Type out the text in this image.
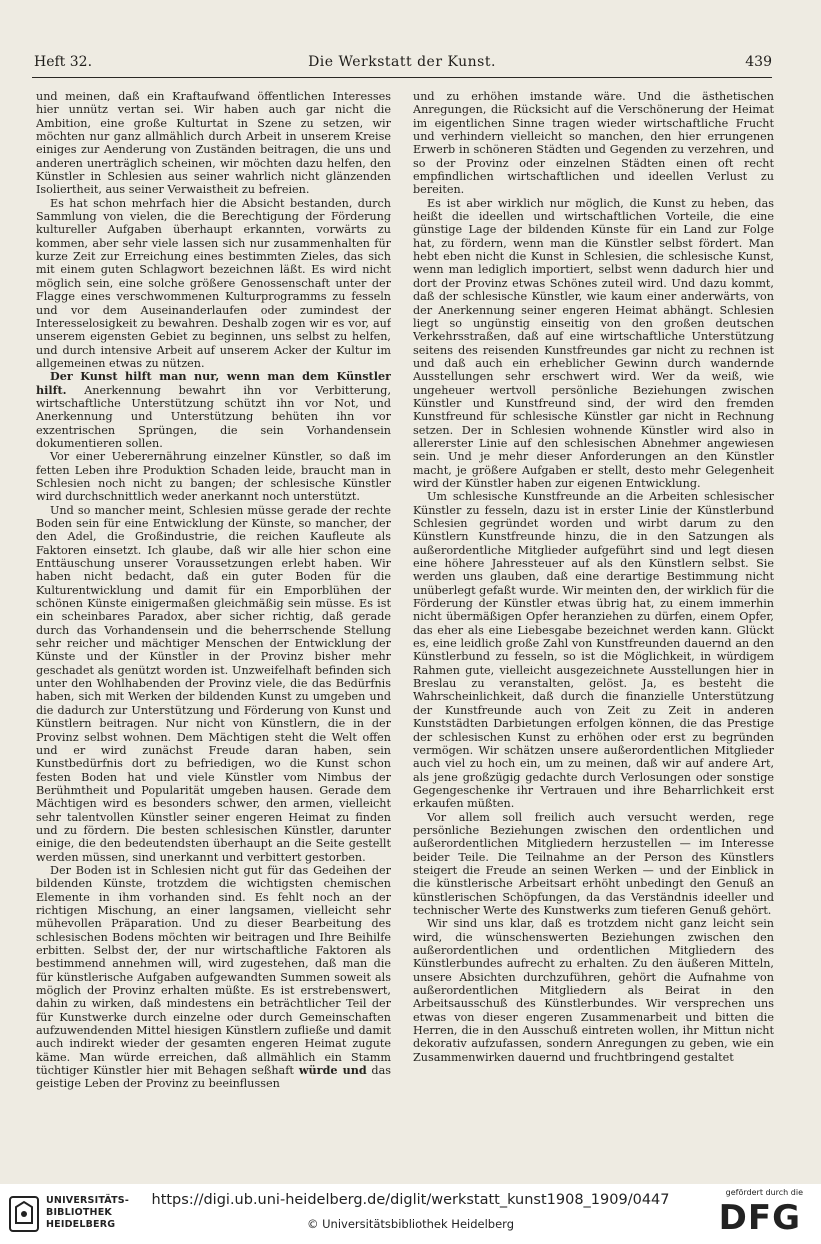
Heft 32.	Die Werkstatt der Kunst.	439

und meinen, daß ein Kraftaufwand öffentlichen Interesses hier unnütz vertan sei. Wir haben auch gar nicht die Ambition, eine große Kulturtat in Szene zu setzen, wir möchten nur ganz allmählich durch Arbeit in unserem Kreise einiges zur Aenderung von Zuständen beitragen, die uns und anderen unerträglich scheinen, wir möchten dazu helfen, den Künstler in Schlesien aus seiner wahrlich nicht glänzenden Isoliertheit, aus seiner Verwaistheit zu befreien.

Es hat schon mehrfach hier die Absicht bestanden, durch Sammlung von vielen, die die Berechtigung der Förderung kultureller Aufgaben überhaupt erkannten, vorwärts zu kommen, aber sehr viele lassen sich nur zusammenhalten für kurze Zeit zur Erreichung eines bestimmten Zieles, das sich mit einem guten Schlagwort bezeichnen läßt. Es wird nicht möglich sein, eine solche größere Genossenschaft unter der Flagge eines verschwommenen Kulturprogramms zu fesseln und vor dem Auseinanderlaufen oder zumindest der Interesselosigkeit zu bewahren. Deshalb zogen wir es vor, auf unserem eigensten Gebiet zu beginnen, uns selbst zu helfen, und durch intensive Arbeit auf unserem Acker der Kultur im allgemeinen etwas zu nützen.

Der Kunst hilft man nur, wenn man dem Künstler hilft. Anerkennung bewahrt ihn vor Verbitterung, wirtschaftliche Unterstützung schützt ihn vor Not, und Anerkennung und Unterstützung behüten ihn vor exzentrischen Sprüngen, die sein Vorhandensein dokumentieren sollen.

Vor einer Ueberernährung einzelner Künstler, so daß im fetten Leben ihre Produktion Schaden leide, braucht man in Schlesien noch nicht zu bangen; der schlesische Künstler wird durchschnittlich weder anerkannt noch unterstützt.

Und so mancher meint, Schlesien müsse gerade der rechte Boden sein für eine Entwicklung der Künste, so mancher, der den Adel, die Großindustrie, die reichen Kaufleute als Faktoren einsetzt. Ich glaube, daß wir alle hier schon eine Enttäuschung unserer Voraussetzungen erlebt haben. Wir haben nicht bedacht, daß ein guter Boden für die Kulturentwicklung und damit für ein Emporblühen der schönen Künste einigermaßen gleichmäßig sein müsse. Es ist ein scheinbares Paradox, aber sicher richtig, daß gerade durch das Vorhandensein und die beherrschende Stellung sehr reicher und mächtiger Menschen der Entwicklung der Künste und der Künstler in der Provinz bisher mehr geschadet als genützt worden ist. Unzweifelhaft befinden sich unter den Wohlhabenden der Provinz viele, die das Bedürfnis haben, sich mit Werken der bildenden Kunst zu umgeben und die dadurch zur Unterstützung und Förderung von Kunst und Künstlern beitragen. Nur nicht von Künstlern, die in der Provinz selbst wohnen. Dem Mächtigen steht die Welt offen und er wird zunächst Freude daran haben, sein Kunstbedürfnis dort zu befriedigen, wo die Kunst schon festen Boden hat und viele Künstler vom Nimbus der Berühmtheit und Popularität umgeben hausen. Gerade dem Mächtigen wird es besonders schwer, den armen, vielleicht sehr talentvollen Künstler seiner engeren Heimat zu finden und zu fördern. Die besten schlesischen Künstler, darunter einige, die den bedeutendsten überhaupt an die Seite gestellt werden müssen, sind unerkannt und verbittert gestorben.

Der Boden ist in Schlesien nicht gut für das Gedeihen der bildenden Künste, trotzdem die wichtigsten chemischen Elemente in ihm vorhanden sind. Es fehlt noch an der richtigen Mischung, an einer langsamen, vielleicht sehr mühevollen Präparation. Und zu dieser Bearbeitung des schlesischen Bodens möchten wir beitragen und Ihre Beihilfe erbitten. Selbst der, der nur wirtschaftliche Faktoren als bestimmend annehmen will, wird zugestehen, daß man die für künstlerische Aufgaben aufgewandten Summen soweit als möglich der Provinz erhalten müßte. Es ist erstrebenswert, dahin zu wirken, daß mindestens ein beträchtlicher Teil der für Kunstwerke durch einzelne oder durch Gemeinschaften aufzuwendenden Mittel hiesigen Künstlern zufließe und damit auch indirekt wieder der gesamten engeren Heimat zugute käme. Man würde erreichen, daß allmählich ein Stamm tüchtiger Künstler hier mit Behagen seßhaft würde und das geistige Leben der Provinz zu beeinflussen

und zu erhöhen imstande wäre. Und die ästhetischen Anregungen, die Rücksicht auf die Verschönerung der Heimat im eigentlichen Sinne tragen wieder wirtschaftliche Frucht und verhindern vielleicht so manchen, den hier errungenen Erwerb in schöneren Städten und Gegenden zu verzehren, und so der Provinz oder einzelnen Städten einen oft recht empfindlichen wirtschaftlichen und ideellen Verlust zu bereiten.

Es ist aber wirklich nur möglich, die Kunst zu heben, das heißt die ideellen und wirtschaftlichen Vorteile, die eine günstige Lage der bildenden Künste für ein Land zur Folge hat, zu fördern, wenn man die Künstler selbst fördert. Man hebt eben nicht die Kunst in Schlesien, die schlesische Kunst, wenn man lediglich importiert, selbst wenn dadurch hier und dort der Provinz etwas Schönes zuteil wird. Und dazu kommt, daß der schlesische Künstler, wie kaum einer anderwärts, von der Anerkennung seiner engeren Heimat abhängt. Schlesien liegt so ungünstig einseitig von den großen deutschen Verkehrsstraßen, daß auf eine wirtschaftliche Unterstützung seitens des reisenden Kunstfreundes gar nicht zu rechnen ist und daß auch ein erheblicher Gewinn durch wandernde Ausstellungen sehr erschwert wird. Wer da weiß, wie ungeheuer wertvoll persönliche Beziehungen zwischen Künstler und Kunstfreund sind, der wird den fremden Kunstfreund für schlesische Künstler gar nicht in Rechnung setzen. Der in Schlesien wohnende Künstler wird also in allererster Linie auf den schlesischen Abnehmer angewiesen sein. Und je mehr dieser Anforderungen an den Künstler macht, je größere Aufgaben er stellt, desto mehr Gelegenheit wird der Künstler haben zur eigenen Entwicklung.

Um schlesische Kunstfreunde an die Arbeiten schlesischer Künstler zu fesseln, dazu ist in erster Linie der Künstlerbund Schlesien gegründet worden und wirbt darum zu den Künstlern Kunstfreunde hinzu, die in den Satzungen als außerordentliche Mitglieder aufgeführt sind und legt diesen eine höhere Jahressteuer auf als den Künstlern selbst. Sie werden uns glauben, daß eine derartige Bestimmung nicht unüberlegt gefaßt wurde. Wir meinten den, der wirklich für die Förderung der Künstler etwas übrig hat, zu einem immerhin nicht übermäßigen Opfer heranziehen zu dürfen, einem Opfer, das eher als eine Liebesgabe bezeichnet werden kann. Glückt es, eine leidlich große Zahl von Kunstfreunden dauernd an den Künstlerbund zu fesseln, so ist die Möglichkeit, in würdigem Rahmen gute, vielleicht ausgezeichnete Ausstellungen hier in Breslau zu veranstalten, gelöst. Ja, es besteht die Wahrscheinlichkeit, daß durch die finanzielle Unterstützung der Kunstfreunde auch von Zeit zu Zeit in anderen Kunststädten Darbietungen erfolgen können, die das Prestige der schlesischen Kunst zu erhöhen oder erst zu begründen vermögen. Wir schätzen unsere außerordentlichen Mitglieder auch viel zu hoch ein, um zu meinen, daß wir auf andere Art, als jene großzügig gedachte durch Verlosungen oder sonstige Gegengeschenke ihr Vertrauen und ihre Beharrlichkeit erst erkaufen müßten.

Vor allem soll freilich auch versucht werden, rege persönliche Beziehungen zwischen den ordentlichen und außerordentlichen Mitgliedern herzustellen — im Interesse beider Teile. Die Teilnahme an der Person des Künstlers steigert die Freude an seinen Werken — und der Einblick in die künstlerische Arbeitsart erhöht unbedingt den Genuß an künstlerischen Schöpfungen, da das Verständnis ideeller und technischer Werte des Kunstwerks zum tieferen Genuß gehört.

Wir sind uns klar, daß es trotzdem nicht ganz leicht sein wird, die wünschenswerten Beziehungen zwischen den außerordentlichen und ordentlichen Mitgliedern des Künstlerbundes aufrecht zu erhalten. Zu den äußeren Mitteln, unsere Absichten durchzuführen, gehört die Aufnahme von außerordentlichen Mitgliedern als Beirat in den Arbeitsausschuß des Künstlerbundes. Wir versprechen uns etwas von dieser engeren Zusammenarbeit und bitten die Herren, die in den Ausschuß eintreten wollen, ihr Mittun nicht dekorativ aufzufassen, sondern Anregungen zu geben, wie ein Zusammenwirken dauernd und fruchtbringend gestaltet

UNIVERSITÄTS-
BIBLIOTHEK
HEIDELBERG
https://digi.ub.uni-heidelberg.de/diglit/werkstatt_kunst1908_1909/0447
© Universitätsbibliothek Heidelberg
gefördert durch die
DFG
